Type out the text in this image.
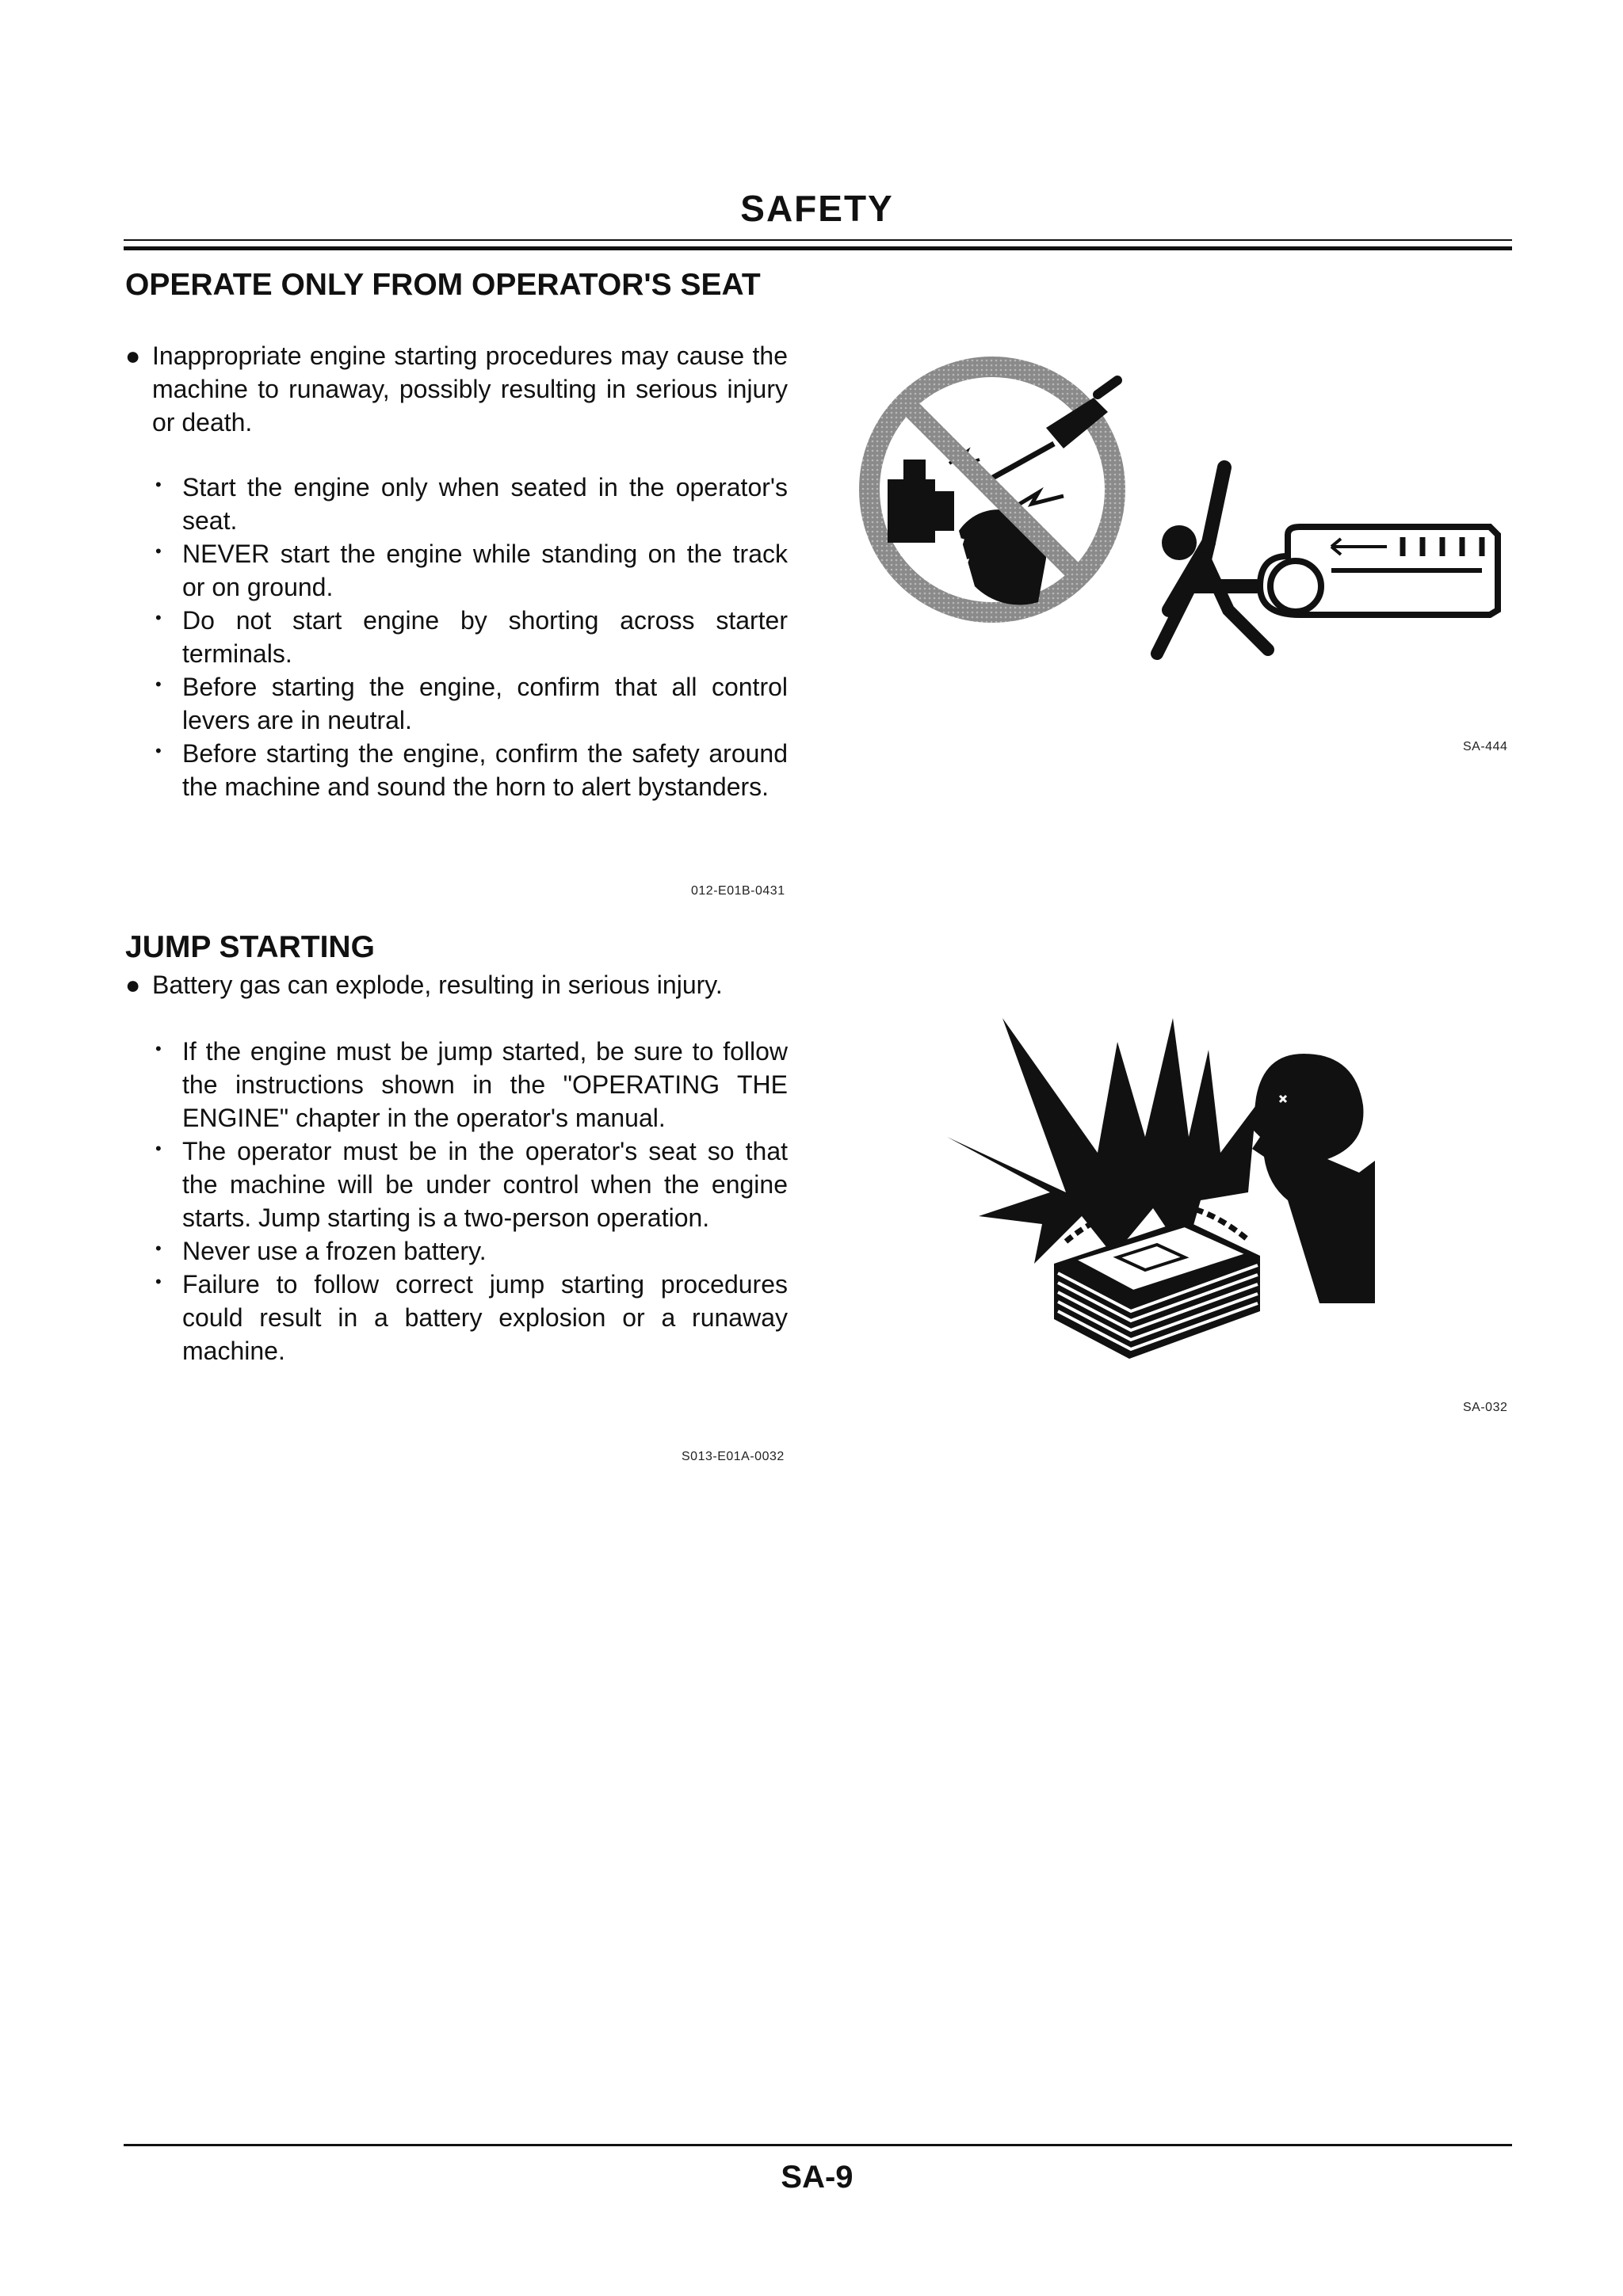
SAFETY
OPERATE ONLY FROM OPERATOR'S SEAT
● Inappropriate engine starting procedures may cause the machine to runaway, possibly resulting in serious injury or death.
• Start the engine only when seated in the operator's seat.
• NEVER start the engine while standing on the track or on ground.
• Do not start engine by shorting across starter terminals.
• Before starting the engine, confirm that all control levers are in neutral.
• Before starting the engine, confirm the safety around the machine and sound the horn to alert bystanders.
012-E01B-0431
SA-444
JUMP STARTING
● Battery gas can explode, resulting in serious injury.
• If the engine must be jump started, be sure to follow the instructions shown in the "OPERATING THE ENGINE" chapter in the operator's manual.
• The operator must be in the operator's seat so that the machine will be under control when the engine starts. Jump starting is a two-person operation.
• Never use a frozen battery.
• Failure to follow correct jump starting procedures could result in a battery explosion or a runaway machine.
S013-E01A-0032
SA-032
SA-9
